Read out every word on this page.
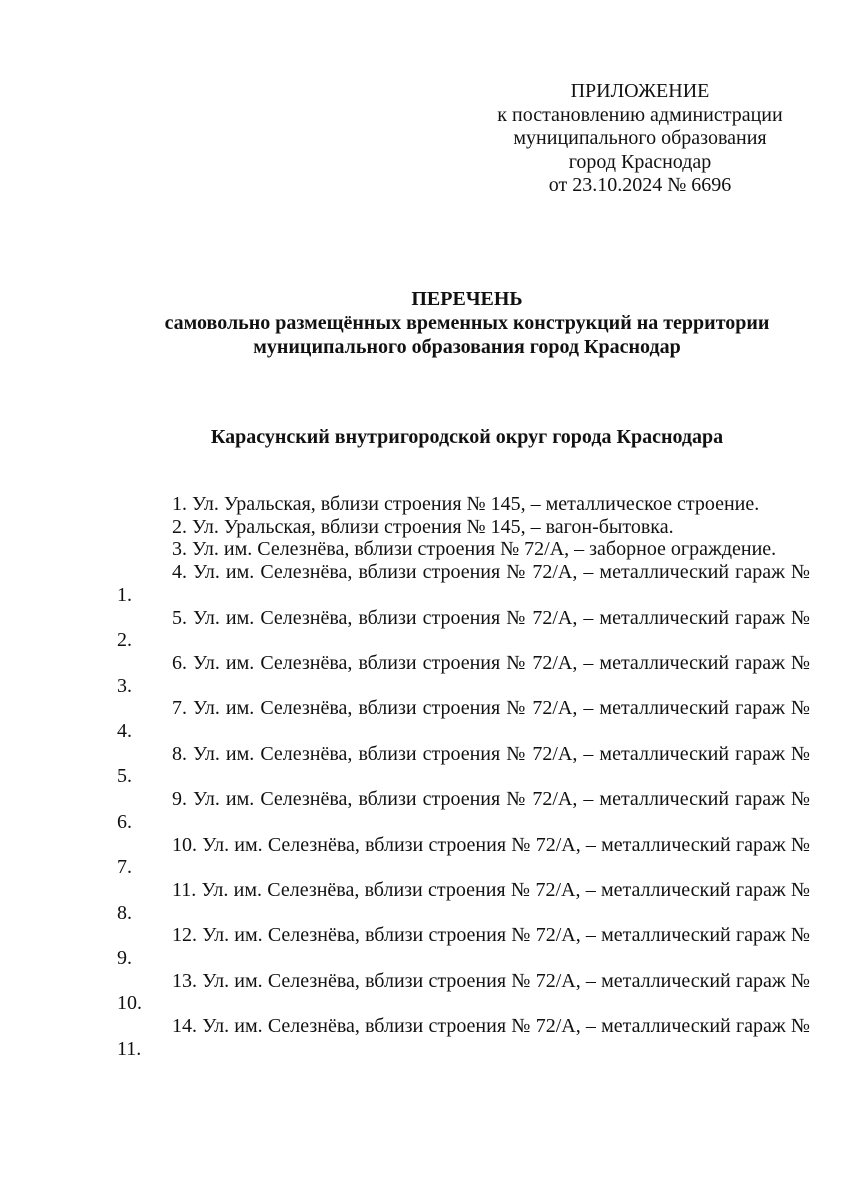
ПРИЛОЖЕНИЕ
к постановлению администрации
муниципального образования
город Краснодар
от 23.10.2024 № 6696
ПЕРЕЧЕНЬ
самовольно размещённых временных конструкций на территории
муниципального образования город Краснодар
Карасунский внутригородской округ города Краснодара

1. Ул. Уральская, вблизи строения № 145, – металлическое строение.

2. Ул. Уральская, вблизи строения № 145, – вагон-бытовка.

3. Ул. им. Селезнёва, вблизи строения № 72/А, – заборное ограждение.

4. Ул. им. Селезнёва, вблизи строения № 72/А, – металлический гараж № 1.

5. Ул. им. Селезнёва, вблизи строения № 72/А, – металлический гараж № 2.

6. Ул. им. Селезнёва, вблизи строения № 72/А, – металлический гараж № 3.

7. Ул. им. Селезнёва, вблизи строения № 72/А, – металлический гараж № 4.

8. Ул. им. Селезнёва, вблизи строения № 72/А, – металлический гараж № 5.

9. Ул. им. Селезнёва, вблизи строения № 72/А, – металлический гараж № 6.

10. Ул. им. Селезнёва, вблизи строения № 72/А, – металлический гараж № 7.

11. Ул. им. Селезнёва, вблизи строения № 72/А, – металлический гараж № 8.

12. Ул. им. Селезнёва, вблизи строения № 72/А, – металлический гараж № 9.

13. Ул. им. Селезнёва, вблизи строения № 72/А, – металлический гараж № 10.

14. Ул. им. Селезнёва, вблизи строения № 72/А, – металлический гараж № 11.
